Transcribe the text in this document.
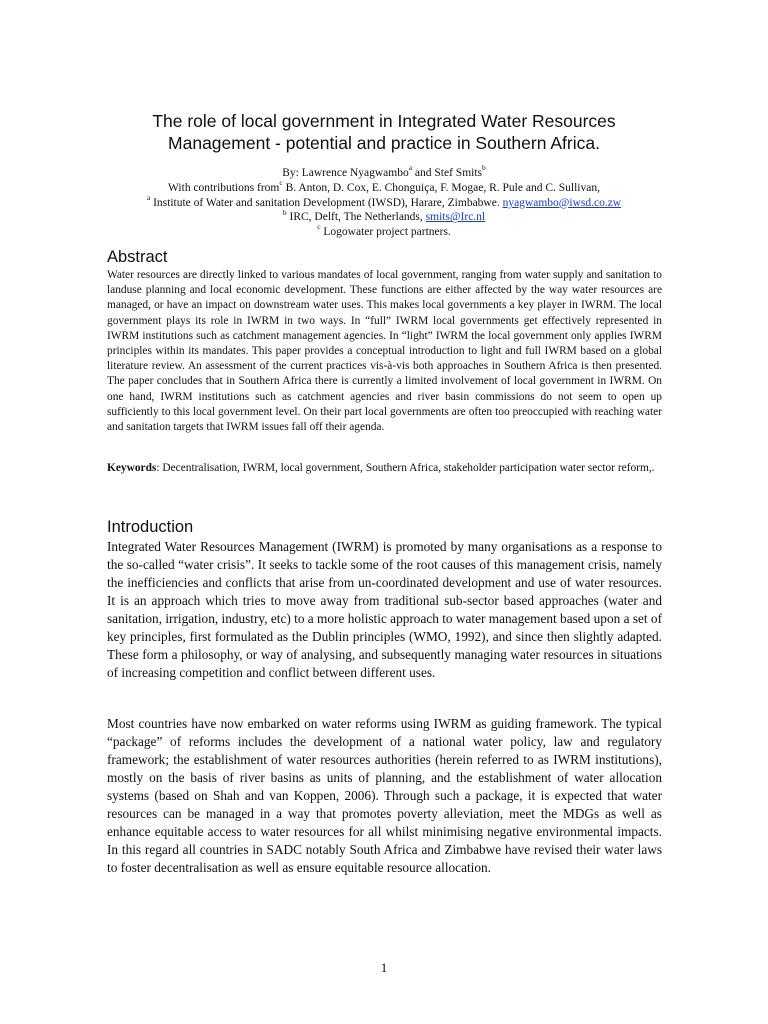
The role of local government in Integrated Water Resources
Management - potential and practice in Southern Africa.
By: Lawrence Nyagwambo$^a$ and Stef Smits$^b$
With contributions from$^c$ B. Anton, D. Cox, E. Chonguiça, F. Mogae, R. Pule and C. Sullivan,
$^a$ Institute of Water and sanitation Development (IWSD), Harare, Zimbabwe. nyagwambo@iwsd.co.zw
$^b$ IRC, Delft, The Netherlands, smits@Irc.nl
$^c$ Logowater project partners.
Abstract
Water resources are directly linked to various mandates of local government, ranging from water supply and sanitation to landuse planning and local economic development. These functions are either affected by the way water resources are managed, or have an impact on downstream water uses. This makes local governments a key player in IWRM. The local government plays its role in IWRM in two ways. In “full” IWRM local governments get effectively represented in IWRM institutions such as catchment management agencies. In “light” IWRM the local government only applies IWRM principles within its mandates. This paper provides a conceptual introduction to light and full IWRM based on a global literature review. An assessment of the current practices vis-à-vis both approaches in Southern Africa is then presented. The paper concludes that in Southern Africa there is currently a limited involvement of local government in IWRM. On one hand, IWRM institutions such as catchment agencies and river basin commissions do not seem to open up sufficiently to this local government level. On their part local governments are often too preoccupied with reaching water and sanitation targets that IWRM issues fall off their agenda.
Keywords: Decentralisation, IWRM, local government, Southern Africa, stakeholder participation water sector reform,.
Introduction
Integrated Water Resources Management (IWRM) is promoted by many organisations as a response to the so-called “water crisis”. It seeks to tackle some of the root causes of this management crisis, namely the inefficiencies and conflicts that arise from un-coordinated development and use of water resources. It is an approach which tries to move away from traditional sub-sector based approaches (water and sanitation, irrigation, industry, etc) to a more holistic approach to water management based upon a set of key principles, first formulated as the Dublin principles (WMO, 1992), and since then slightly adapted. These form a philosophy, or way of analysing, and subsequently managing water resources in situations of increasing competition and conflict between different uses.
Most countries have now embarked on water reforms using IWRM as guiding framework. The typical “package” of reforms includes the development of a national water policy, law and regulatory framework; the establishment of water resources authorities (herein referred to as IWRM institutions), mostly on the basis of river basins as units of planning, and the establishment of water allocation systems (based on Shah and van Koppen, 2006). Through such a package, it is expected that water resources can be managed in a way that promotes poverty alleviation, meet the MDGs as well as enhance equitable access to water resources for all whilst minimising negative environmental impacts. In this regard all countries in SADC notably South Africa and Zimbabwe have revised their water laws to foster decentralisation as well as ensure equitable resource allocation.
1
